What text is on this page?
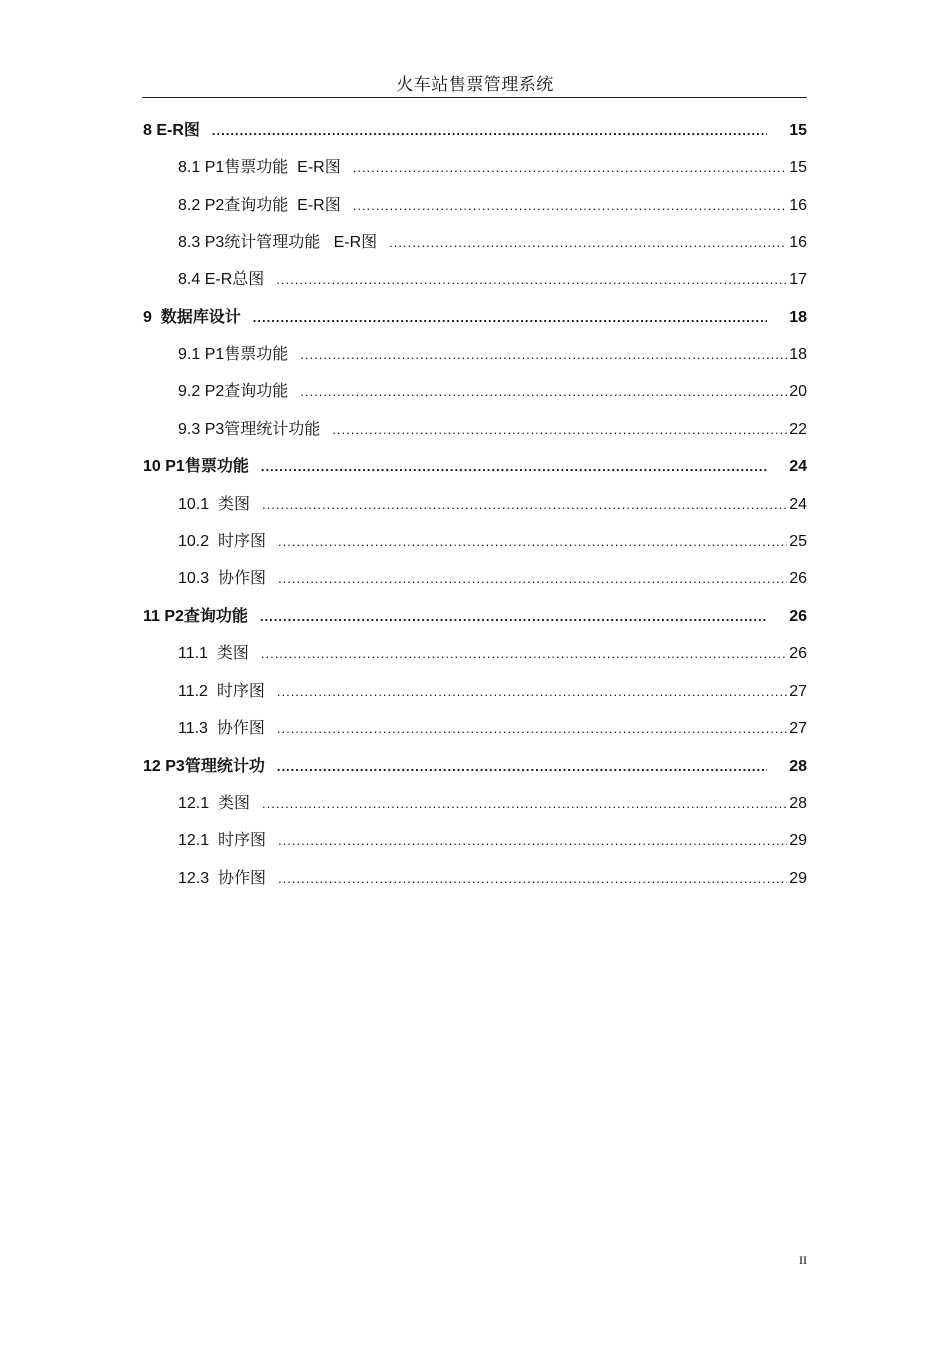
火车站售票管理系统
8 E-R图 .....	15
8.1 P1售票功能  E-R图 .....	15
8.2 P2查询功能  E-R图 .....	16
8.3 P3统计管理功能   E-R图 .....	16
8.4 E-R总图 .....	17
9  数据库设计 .....	18
9.1 P1售票功能 .....	18
9.2 P2查询功能 .....	20
9.3 P3管理统计功能 .....	22
10 P1售票功能 .....	24
10.1  类图 .....	24
10.2  时序图 .....	25
10.3  协作图 .....	26
11 P2查询功能 .....	26
11.1  类图 .....	26
11.2  时序图 .....	27
11.3  协作图 .....	27
12 P3管理统计功 .....	28
12.1  类图 .....	28
12.1  时序图 .....	29
12.3  协作图 .....	29
II
